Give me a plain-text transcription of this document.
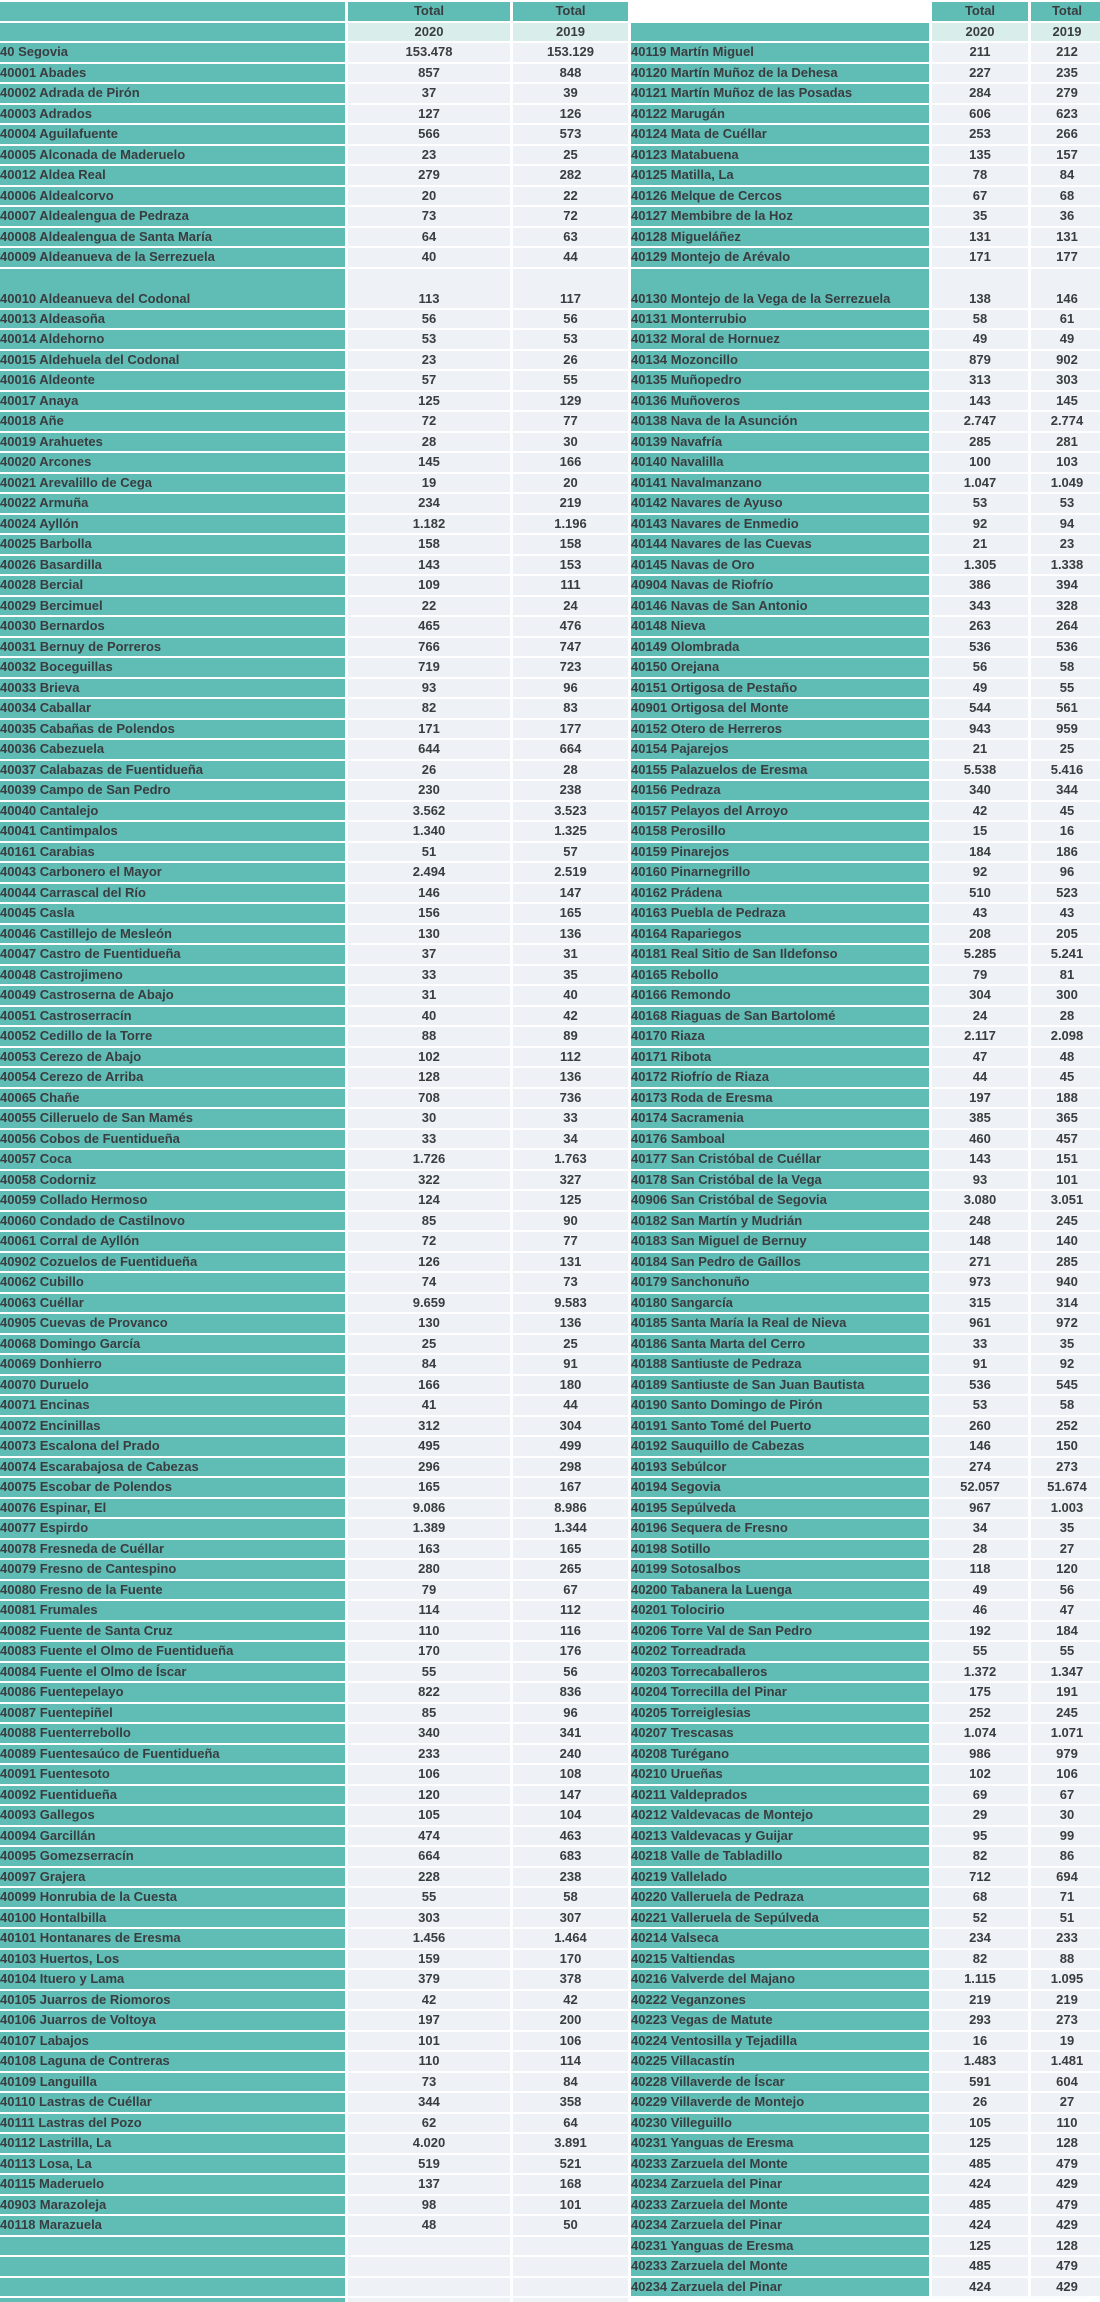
	Total	Total		Total	Total
	2020	2019		2020	2019
40 Segovia	153.478	153.129	40119 Martín Miguel	211	212
40001 Abades	857	848	40120 Martín Muñoz de la Dehesa	227	235
40002 Adrada de Pirón	37	39	40121 Martín Muñoz de las Posadas	284	279
40003 Adrados	127	126	40122 Marugán	606	623
40004 Aguilafuente	566	573	40124 Mata de Cuéllar	253	266
40005 Alconada de Maderuelo	23	25	40123 Matabuena	135	157
40012 Aldea Real	279	282	40125 Matilla, La	78	84
40006 Aldealcorvo	20	22	40126 Melque de Cercos	67	68
40007 Aldealengua de Pedraza	73	72	40127 Membibre de la Hoz	35	36
40008 Aldealengua de Santa María	64	63	40128 Migueláñez	131	131
40009 Aldeanueva de la Serrezuela	40	44	40129 Montejo de Arévalo	171	177
40010 Aldeanueva del Codonal	113	117	40130 Montejo de la Vega de la Serrezuela	138	146
40013 Aldeasoña	56	56	40131 Monterrubio	58	61
40014 Aldehorno	53	53	40132 Moral de Hornuez	49	49
40015 Aldehuela del Codonal	23	26	40134 Mozoncillo	879	902
40016 Aldeonte	57	55	40135 Muñopedro	313	303
40017 Anaya	125	129	40136 Muñoveros	143	145
40018 Añe	72	77	40138 Nava de la Asunción	2.747	2.774
40019 Arahuetes	28	30	40139 Navafría	285	281
40020 Arcones	145	166	40140 Navalilla	100	103
40021 Arevalillo de Cega	19	20	40141 Navalmanzano	1.047	1.049
40022 Armuña	234	219	40142 Navares de Ayuso	53	53
40024 Ayllón	1.182	1.196	40143 Navares de Enmedio	92	94
40025 Barbolla	158	158	40144 Navares de las Cuevas	21	23
40026 Basardilla	143	153	40145 Navas de Oro	1.305	1.338
40028 Bercial	109	111	40904 Navas de Riofrío	386	394
40029 Bercimuel	22	24	40146 Navas de San Antonio	343	328
40030 Bernardos	465	476	40148 Nieva	263	264
40031 Bernuy de Porreros	766	747	40149 Olombrada	536	536
40032 Boceguillas	719	723	40150 Orejana	56	58
40033 Brieva	93	96	40151 Ortigosa de Pestaño	49	55
40034 Caballar	82	83	40901 Ortigosa del Monte	544	561
40035 Cabañas de Polendos	171	177	40152 Otero de Herreros	943	959
40036 Cabezuela	644	664	40154 Pajarejos	21	25
40037 Calabazas de Fuentidueña	26	28	40155 Palazuelos de Eresma	5.538	5.416
40039 Campo de San Pedro	230	238	40156 Pedraza	340	344
40040 Cantalejo	3.562	3.523	40157 Pelayos del Arroyo	42	45
40041 Cantimpalos	1.340	1.325	40158 Perosillo	15	16
40161 Carabias	51	57	40159 Pinarejos	184	186
40043 Carbonero el Mayor	2.494	2.519	40160 Pinarnegrillo	92	96
40044 Carrascal del Río	146	147	40162 Prádena	510	523
40045 Casla	156	165	40163 Puebla de Pedraza	43	43
40046 Castillejo de Mesleón	130	136	40164 Rapariegos	208	205
40047 Castro de Fuentidueña	37	31	40181 Real Sitio de San Ildefonso	5.285	5.241
40048 Castrojimeno	33	35	40165 Rebollo	79	81
40049 Castroserna de Abajo	31	40	40166 Remondo	304	300
40051 Castroserracín	40	42	40168 Riaguas de San Bartolomé	24	28
40052 Cedillo de la Torre	88	89	40170 Riaza	2.117	2.098
40053 Cerezo de Abajo	102	112	40171 Ribota	47	48
40054 Cerezo de Arriba	128	136	40172 Riofrío de Riaza	44	45
40065 Chañe	708	736	40173 Roda de Eresma	197	188
40055 Cilleruelo de San Mamés	30	33	40174 Sacramenia	385	365
40056 Cobos de Fuentidueña	33	34	40176 Samboal	460	457
40057 Coca	1.726	1.763	40177 San Cristóbal de Cuéllar	143	151
40058 Codorniz	322	327	40178 San Cristóbal de la Vega	93	101
40059 Collado Hermoso	124	125	40906 San Cristóbal de Segovia	3.080	3.051
40060 Condado de Castilnovo	85	90	40182 San Martín y Mudrián	248	245
40061 Corral de Ayllón	72	77	40183 San Miguel de Bernuy	148	140
40902 Cozuelos de Fuentidueña	126	131	40184 San Pedro de Gaíllos	271	285
40062 Cubillo	74	73	40179 Sanchonuño	973	940
40063 Cuéllar	9.659	9.583	40180 Sangarcía	315	314
40905 Cuevas de Provanco	130	136	40185 Santa María la Real de Nieva	961	972
40068 Domingo García	25	25	40186 Santa Marta del Cerro	33	35
40069 Donhierro	84	91	40188 Santiuste de Pedraza	91	92
40070 Duruelo	166	180	40189 Santiuste de San Juan Bautista	536	545
40071 Encinas	41	44	40190 Santo Domingo de Pirón	53	58
40072 Encinillas	312	304	40191 Santo Tomé del Puerto	260	252
40073 Escalona del Prado	495	499	40192 Sauquillo de Cabezas	146	150
40074 Escarabajosa de Cabezas	296	298	40193 Sebúlcor	274	273
40075 Escobar de Polendos	165	167	40194 Segovia	52.057	51.674
40076 Espinar, El	9.086	8.986	40195 Sepúlveda	967	1.003
40077 Espirdo	1.389	1.344	40196 Sequera de Fresno	34	35
40078 Fresneda de Cuéllar	163	165	40198 Sotillo	28	27
40079 Fresno de Cantespino	280	265	40199 Sotosalbos	118	120
40080 Fresno de la Fuente	79	67	40200 Tabanera la Luenga	49	56
40081 Frumales	114	112	40201 Tolocirio	46	47
40082 Fuente de Santa Cruz	110	116	40206 Torre Val de San Pedro	192	184
40083 Fuente el Olmo de Fuentidueña	170	176	40202 Torreadrada	55	55
40084 Fuente el Olmo de Íscar	55	56	40203 Torrecaballeros	1.372	1.347
40086 Fuentepelayo	822	836	40204 Torrecilla del Pinar	175	191
40087 Fuentepiñel	85	96	40205 Torreiglesias	252	245
40088 Fuenterrebollo	340	341	40207 Trescasas	1.074	1.071
40089 Fuentesaúco de Fuentidueña	233	240	40208 Turégano	986	979
40091 Fuentesoto	106	108	40210 Urueñas	102	106
40092 Fuentidueña	120	147	40211 Valdeprados	69	67
40093 Gallegos	105	104	40212 Valdevacas de Montejo	29	30
40094 Garcillán	474	463	40213 Valdevacas y Guijar	95	99
40095 Gomezserracín	664	683	40218 Valle de Tabladillo	82	86
40097 Grajera	228	238	40219 Vallelado	712	694
40099 Honrubia de la Cuesta	55	58	40220 Valleruela de Pedraza	68	71
40100 Hontalbilla	303	307	40221 Valleruela de Sepúlveda	52	51
40101 Hontanares de Eresma	1.456	1.464	40214 Valseca	234	233
40103 Huertos, Los	159	170	40215 Valtiendas	82	88
40104 Ituero y Lama	379	378	40216 Valverde del Majano	1.115	1.095
40105 Juarros de Riomoros	42	42	40222 Veganzones	219	219
40106 Juarros de Voltoya	197	200	40223 Vegas de Matute	293	273
40107 Labajos	101	106	40224 Ventosilla y Tejadilla	16	19
40108 Laguna de Contreras	110	114	40225 Villacastín	1.483	1.481
40109 Languilla	73	84	40228 Villaverde de Íscar	591	604
40110 Lastras de Cuéllar	344	358	40229 Villaverde de Montejo	26	27
40111 Lastras del Pozo	62	64	40230 Villeguillo	105	110
40112 Lastrilla, La	4.020	3.891	40231 Yanguas de Eresma	125	128
40113 Losa, La	519	521	40233 Zarzuela del Monte	485	479
40115 Maderuelo	137	168	40234 Zarzuela del Pinar	424	429
40903 Marazoleja	98	101	40233 Zarzuela del Monte	485	479
40118 Marazuela	48	50	40234 Zarzuela del Pinar	424	429
			40231 Yanguas de Eresma	125	128
			40233 Zarzuela del Monte	485	479
			40234 Zarzuela del Pinar	424	429
